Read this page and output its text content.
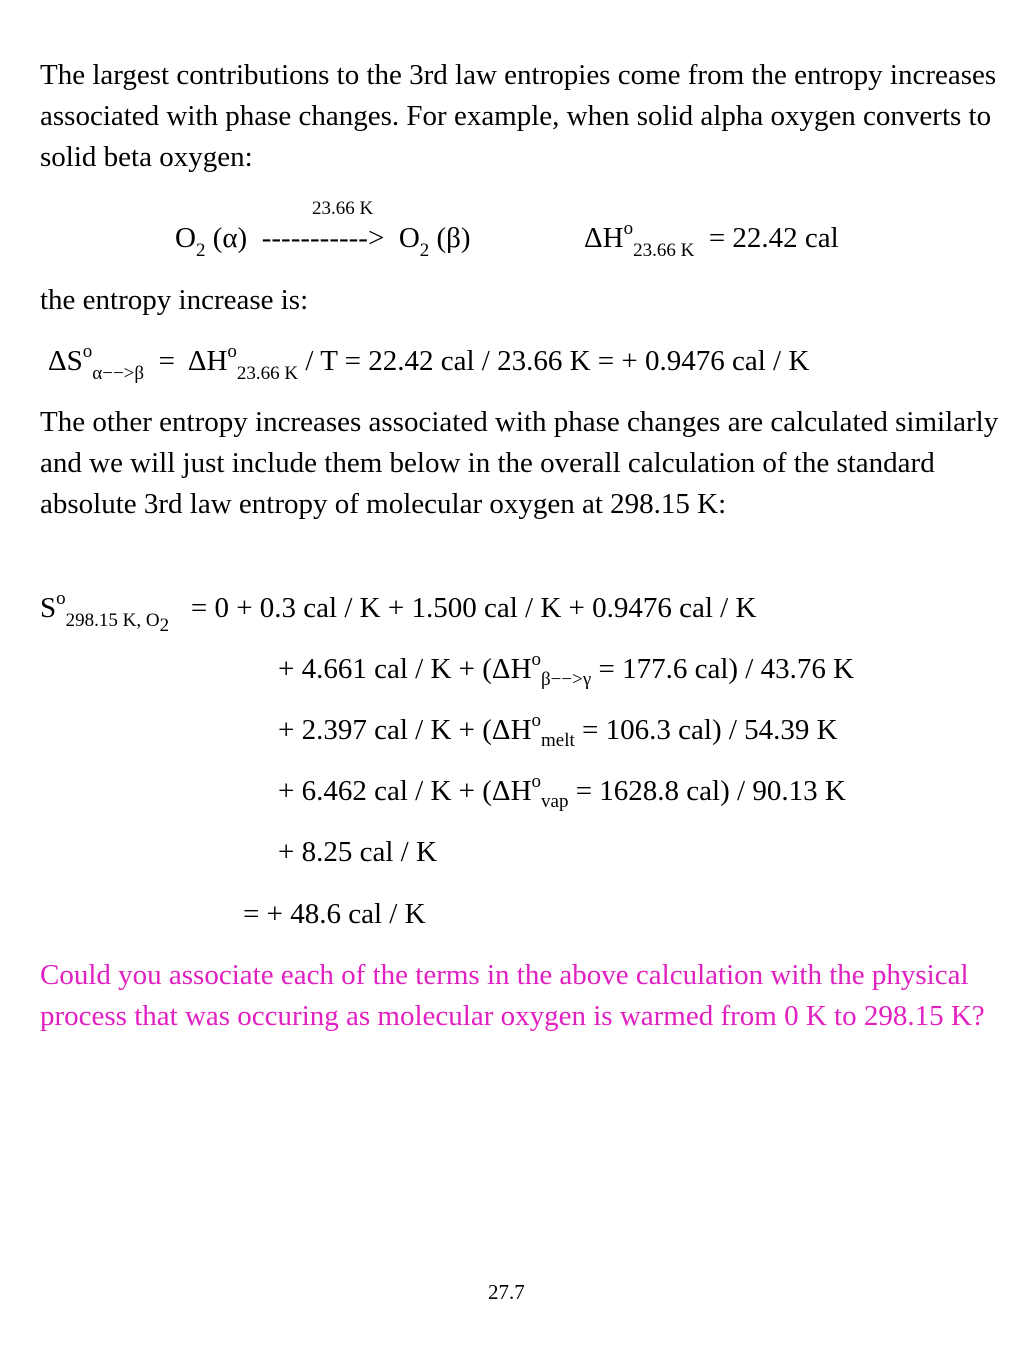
The largest contributions to the 3rd law entropies come from the entropy increases associated with phase changes. For example, when solid alpha oxygen converts to solid beta oxygen:
23.66 K
$O_2$ (α) -----------> $O_2$ (β)	$\Delta H^o_{23.66 K} = 22.42$ cal
the entropy increase is:
$\Delta S^o_{\alpha-->\beta} = \Delta H^o_{23.66 K} / T = 22.42$ cal / 23.66 K = + 0.9476 cal / K
The other entropy increases associated with phase changes are calculated similarly and we will just include them below in the overall calculation of the standard absolute 3rd law entropy of molecular oxygen at 298.15 K:
$S^o_{298.15 K, O2} = 0 + 0.3$ cal / K + 1.500 cal / K + 0.9476 cal / K
+ 4.661 cal / $K + (\Delta H^o_{\beta-->\gamma} = 177.6$ cal) / 43.76 K
+ 2.397 cal / $K + (\Delta H^o_{melt} = 106.3$ cal) / 54.39 K
+ 6.462 cal / $K + (\Delta H^o_{vap} = 1628.8$ cal) / 90.13 K
+ 8.25 cal / K
= + 48.6 cal / K
Could you associate each of the terms in the above calculation with the physical process that was occuring as molecular oxygen is warmed from 0 K to 298.15 K?
27.7
